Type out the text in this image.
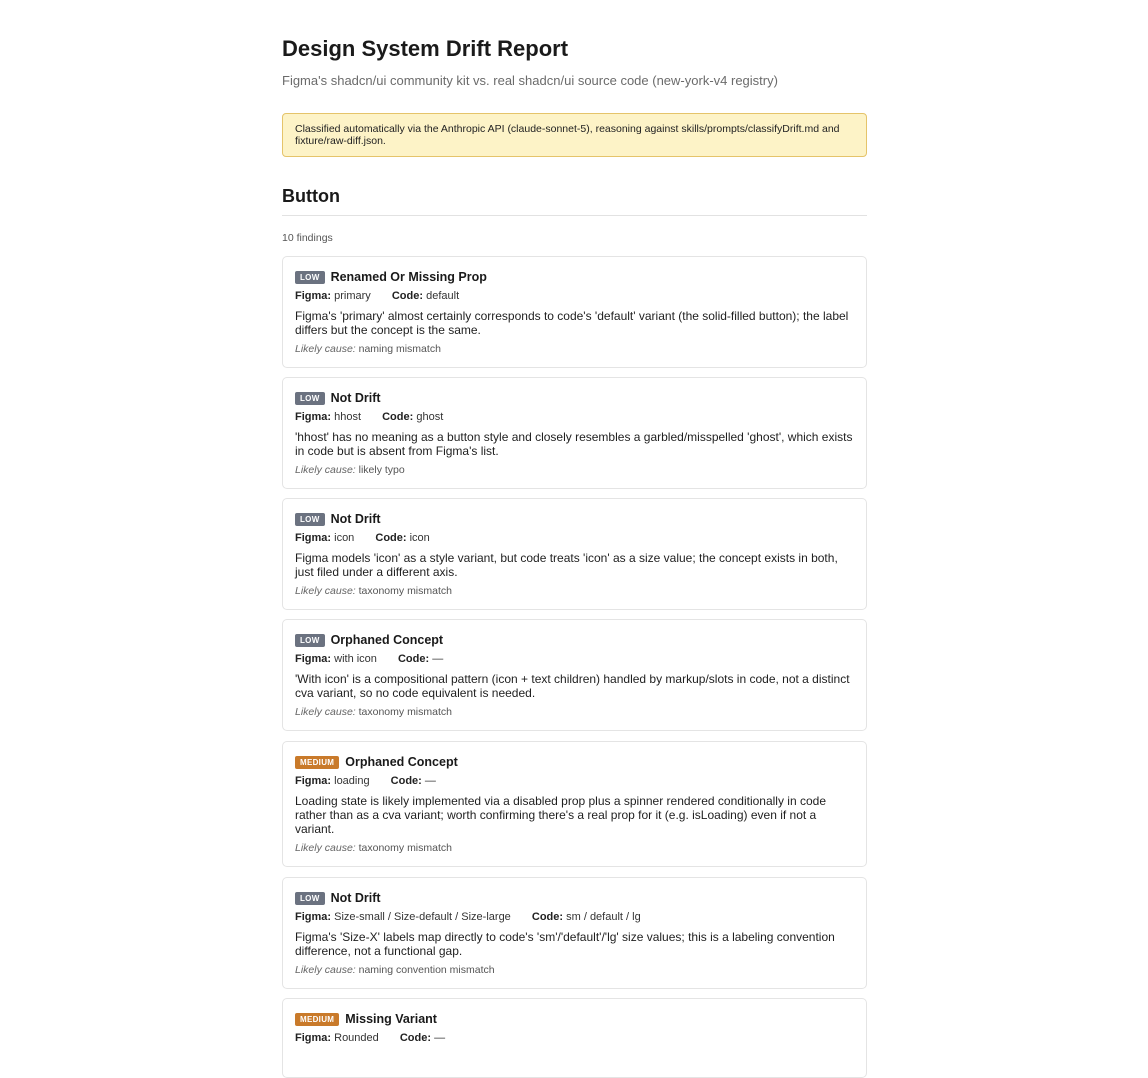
Design System Drift Report
Figma's shadcn/ui community kit vs. real shadcn/ui source code (new-york-v4 registry)
Classified automatically via the Anthropic API (claude-sonnet-5), reasoning against skills/prompts/classifyDrift.md and fixture/raw-diff.json.
Button
10 findings
LOW Renamed Or Missing Prop
Figma: primary Code: default
Figma's 'primary' almost certainly corresponds to code's 'default' variant (the solid-filled button); the label differs but the concept is the same.
Likely cause: naming mismatch
LOW Not Drift
Figma: hhost Code: ghost
'hhost' has no meaning as a button style and closely resembles a garbled/misspelled 'ghost', which exists in code but is absent from Figma's list.
Likely cause: likely typo
LOW Not Drift
Figma: icon Code: icon
Figma models 'icon' as a style variant, but code treats 'icon' as a size value; the concept exists in both, just filed under a different axis.
Likely cause: taxonomy mismatch
LOW Orphaned Concept
Figma: with icon Code: —
'With icon' is a compositional pattern (icon + text children) handled by markup/slots in code, not a distinct cva variant, so no code equivalent is needed.
Likely cause: taxonomy mismatch
MEDIUM Orphaned Concept
Figma: loading Code: —
Loading state is likely implemented via a disabled prop plus a spinner rendered conditionally in code rather than as a cva variant; worth confirming there's a real prop for it (e.g. isLoading) even if not a variant.
Likely cause: taxonomy mismatch
LOW Not Drift
Figma: Size-small / Size-default / Size-large Code: sm / default / lg
Figma's 'Size-X' labels map directly to code's 'sm'/'default'/'lg' size values; this is a labeling convention difference, not a functional gap.
Likely cause: naming convention mismatch
MEDIUM Missing Variant
Figma: Rounded Code: —
